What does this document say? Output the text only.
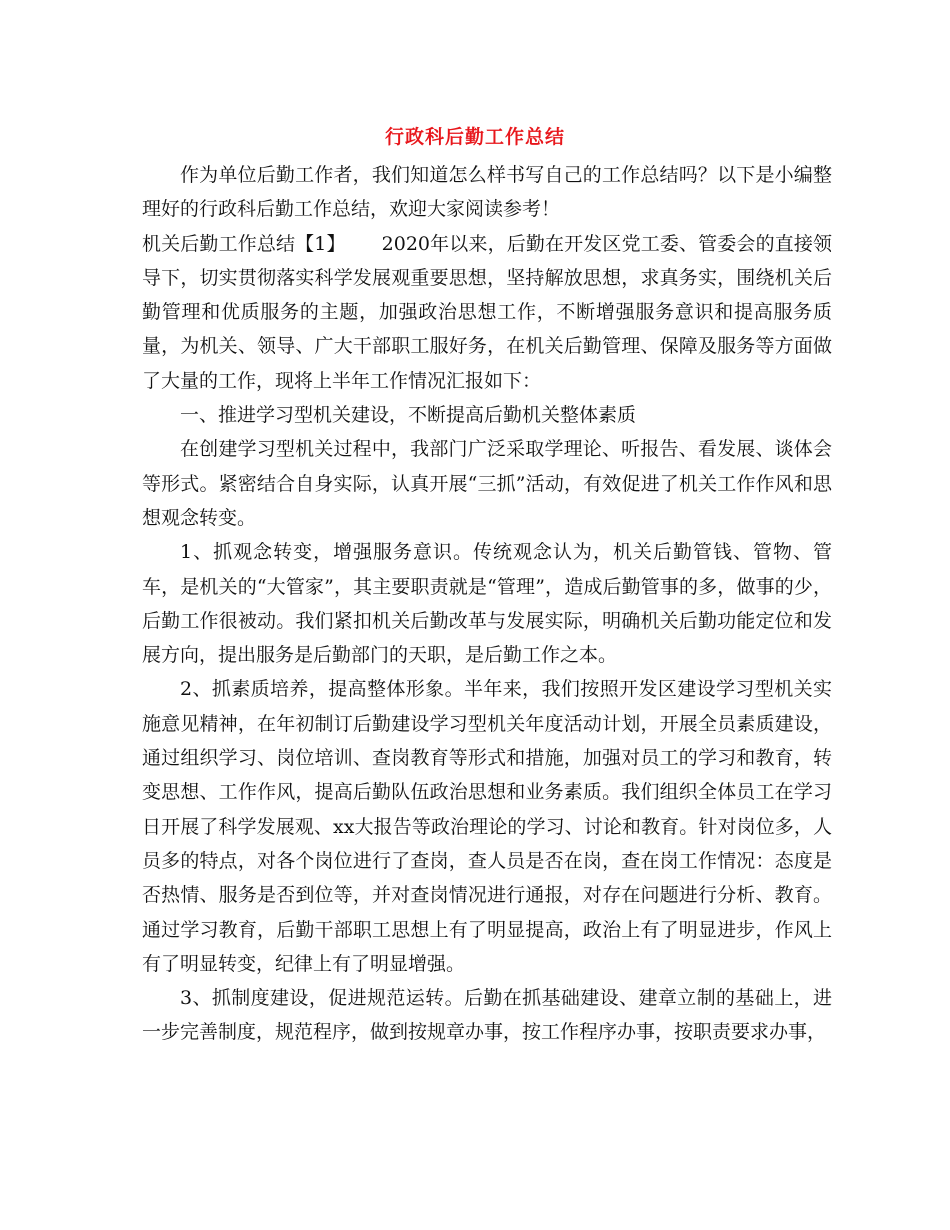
行政科后勤工作总结

作为单位后勤工作者，我们知道怎么样书写自己的工作总结吗？以下是小编整理好的行政科后勤工作总结，欢迎大家阅读参考！

机关后勤工作总结【1】 2020年以来，后勤在开发区党工委、管委会的直接领导下，切实贯彻落实科学发展观重要思想，坚持解放思想，求真务实，围绕机关后勤管理和优质服务的主题，加强政治思想工作，不断增强服务意识和提高服务质量，为机关、领导、广大干部职工服好务，在机关后勤管理、保障及服务等方面做了大量的工作，现将上半年工作情况汇报如下：

一、推进学习型机关建设，不断提高后勤机关整体素质

在创建学习型机关过程中，我部门广泛采取学理论、听报告、看发展、谈体会等形式。紧密结合自身实际，认真开展“三抓”活动，有效促进了机关工作作风和思想观念转变。

1、抓观念转变，增强服务意识。传统观念认为，机关后勤管钱、管物、管车，是机关的“大管家”，其主要职责就是“管理”，造成后勤管事的多，做事的少，后勤工作很被动。我们紧扣机关后勤改革与发展实际，明确机关后勤功能定位和发展方向，提出服务是后勤部门的天职，是后勤工作之本。

2、抓素质培养，提高整体形象。半年来，我们按照开发区建设学习型机关实施意见精神，在年初制订后勤建设学习型机关年度活动计划，开展全员素质建设，通过组织学习、岗位培训、查岗教育等形式和措施，加强对员工的学习和教育，转变思想、工作作风，提高后勤队伍政治思想和业务素质。我们组织全体员工在学习日开展了科学发展观、xx大报告等政治理论的学习、讨论和教育。针对岗位多，人员多的特点，对各个岗位进行了查岗，查人员是否在岗，查在岗工作情况：态度是否热情、服务是否到位等，并对查岗情况进行通报，对存在问题进行分析、教育。通过学习教育，后勤干部职工思想上有了明显提高，政治上有了明显进步，作风上有了明显转变，纪律上有了明显增强。

3、抓制度建设，促进规范运转。后勤在抓基础建设、建章立制的基础上，进一步完善制度，规范程序，做到按规章办事，按工作程序办事，按职责要求办事，
